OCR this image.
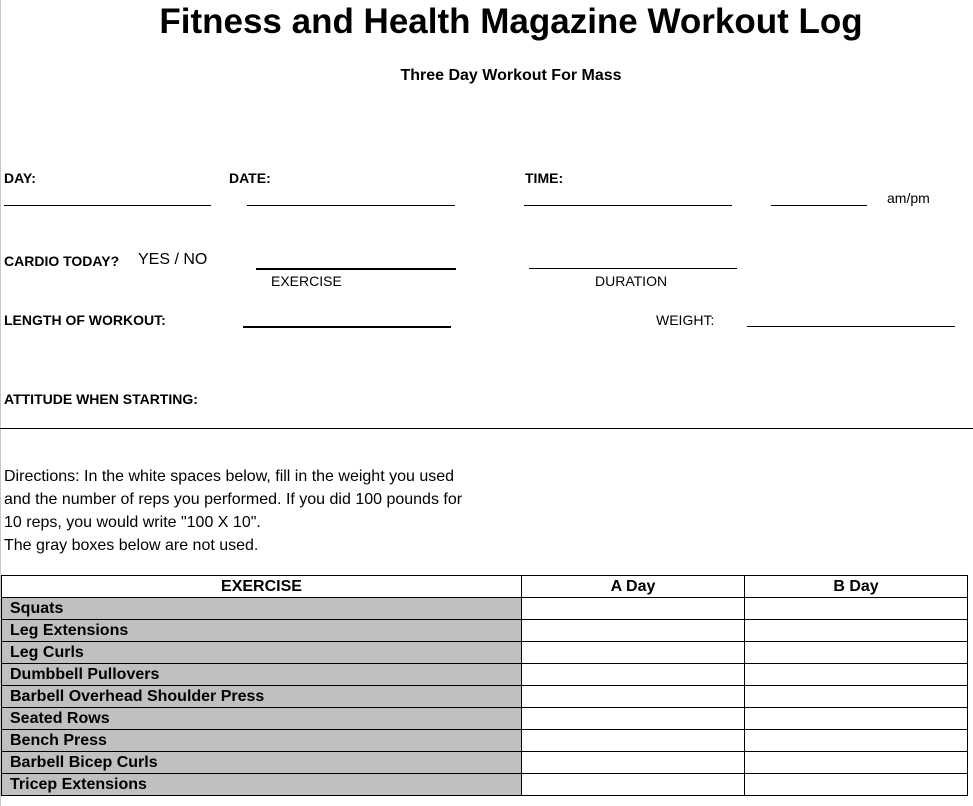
Fitness and Health Magazine Workout Log
Three Day Workout For Mass
DAY:	DATE:	TIME:
am/pm
CARDIO TODAY? YES / NO
EXERCISE	DURATION
LENGTH OF WORKOUT:	WEIGHT:
ATTITUDE WHEN STARTING:
Directions: In the white spaces below, fill in the weight you used
and the number of reps you performed. If you did 100 pounds for
10 reps, you would write "100 X 10".
The gray boxes below are not used.
EXERCISE	A Day	B Day
Squats		
Leg Extensions		
Leg Curls		
Dumbbell Pullovers		
Barbell Overhead Shoulder Press		
Seated Rows		
Bench Press		
Barbell Bicep Curls		
Tricep Extensions		
